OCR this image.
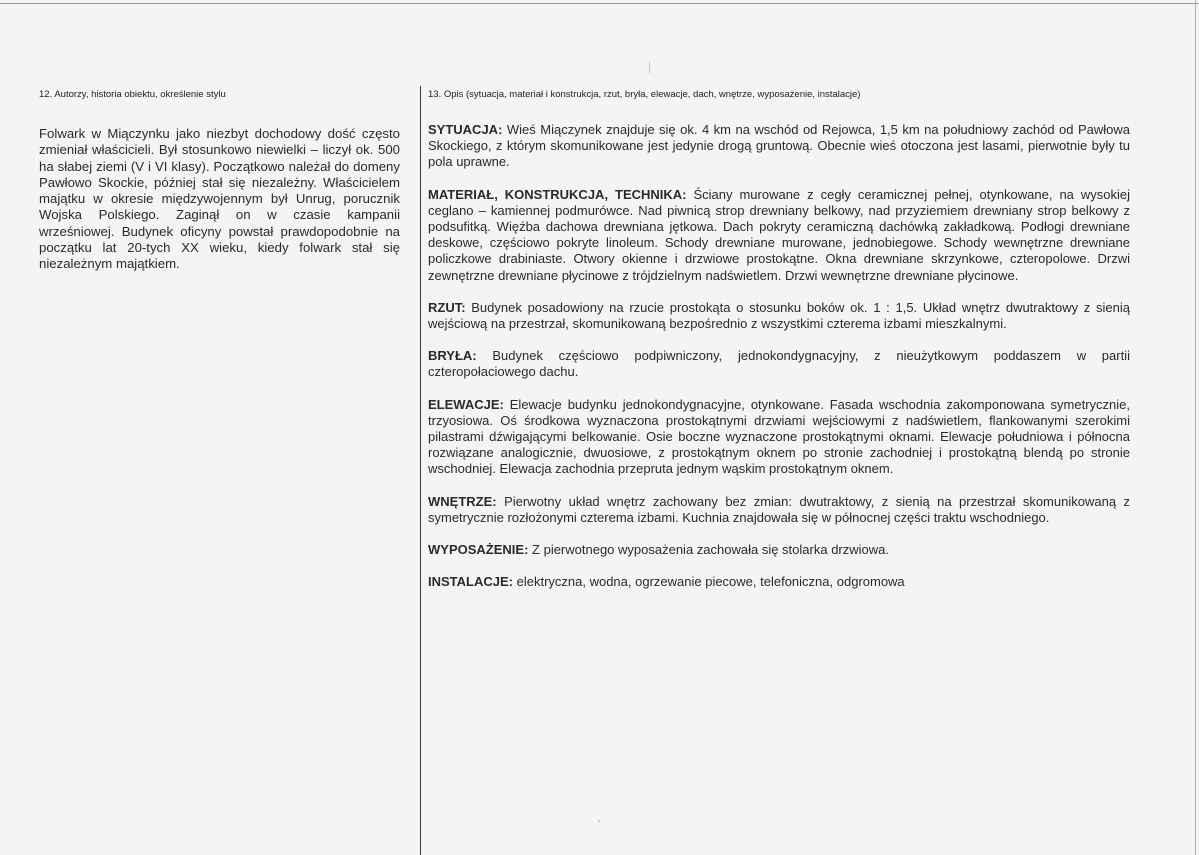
12. Autorzy, historia obiektu, określenie stylu

Folwark w Miączynku jako niezbyt dochodowy dość często zmieniał właścicieli. Był stosunkowo niewielki – liczył ok. 500 ha słabej ziemi (V i VI klasy). Początkowo należał do domeny Pawłowo Skockie, później stał się niezależny. Właścicielem majątku w okresie międzywojennym był Unrug, porucznik Wojska Polskiego. Zaginął on w czasie kampanii wrześniowej. Budynek oficyny powstał prawdopodobnie na początku lat 20-tych XX wieku, kiedy folwark stał się niezależnym majątkiem.

13. Opis (sytuacja, materiał i konstrukcja, rzut, bryła, elewacje, dach, wnętrze, wyposażenie, instalacje)

SYTUACJA: Wieś Miączynek znajduje się ok. 4 km na wschód od Rejowca, 1,5 km na południowy zachód od Pawłowa Skockiego, z którym skomunikowane jest jedynie drogą gruntową. Obecnie wieś otoczona jest lasami, pierwotnie były tu pola uprawne.

MATERIAŁ, KONSTRUKCJA, TECHNIKA: Ściany murowane z cegły ceramicznej pełnej, otynkowane, na wysokiej ceglano – kamiennej podmurówce. Nad piwnicą strop drewniany belkowy, nad przyziemiem drewniany strop belkowy z podsufitką. Więźba dachowa drewniana jętkowa. Dach pokryty ceramiczną dachówką zakładkową. Podłogi drewniane deskowe, częściowo pokryte linoleum. Schody drewniane murowane, jednobiegowe. Schody wewnętrzne drewniane policzkowe drabiniaste. Otwory okienne i drzwiowe prostokątne. Okna drewniane skrzynkowe, czteropolowe. Drzwi zewnętrzne drewniane płycinowe z trójdzielnym nadświetlem. Drzwi wewnętrzne drewniane płycinowe.

RZUT: Budynek posadowiony na rzucie prostokąta o stosunku boków ok. 1 : 1,5. Układ wnętrz dwutraktowy z sienią wejściową na przestrzał, skomunikowaną bezpośrednio z wszystkimi czterema izbami mieszkalnymi.

BRYŁA: Budynek częściowo podpiwniczony, jednokondygnacyjny, z nieużytkowym poddaszem w partii czteropołaciowego dachu.

ELEWACJE: Elewacje budynku jednokondygnacyjne, otynkowane. Fasada wschodnia zakomponowana symetrycznie, trzyosiowa. Oś środkowa wyznaczona prostokątnymi drzwiami wejściowymi z nadświetlem, flankowanymi szerokimi pilastrami dźwigającymi belkowanie. Osie boczne wyznaczone prostokątnymi oknami. Elewacje południowa i północna rozwiązane analogicznie, dwuosiowe, z prostokątnym oknem po stronie zachodniej i prostokątną blendą po stronie wschodniej. Elewacja zachodnia przepruta jednym wąskim prostokątnym oknem.

WNĘTRZE: Pierwotny układ wnętrz zachowany bez zmian: dwutraktowy, z sienią na przestrzał skomunikowaną z symetrycznie rozłożonymi czterema izbami. Kuchnia znajdowała się w północnej części traktu wschodniego.

WYPOSAŻENIE: Z pierwotnego wyposażenia zachowała się stolarka drzwiowa.

INSTALACJE: elektryczna, wodna, ogrzewanie piecowe, telefoniczna, odgromowa
